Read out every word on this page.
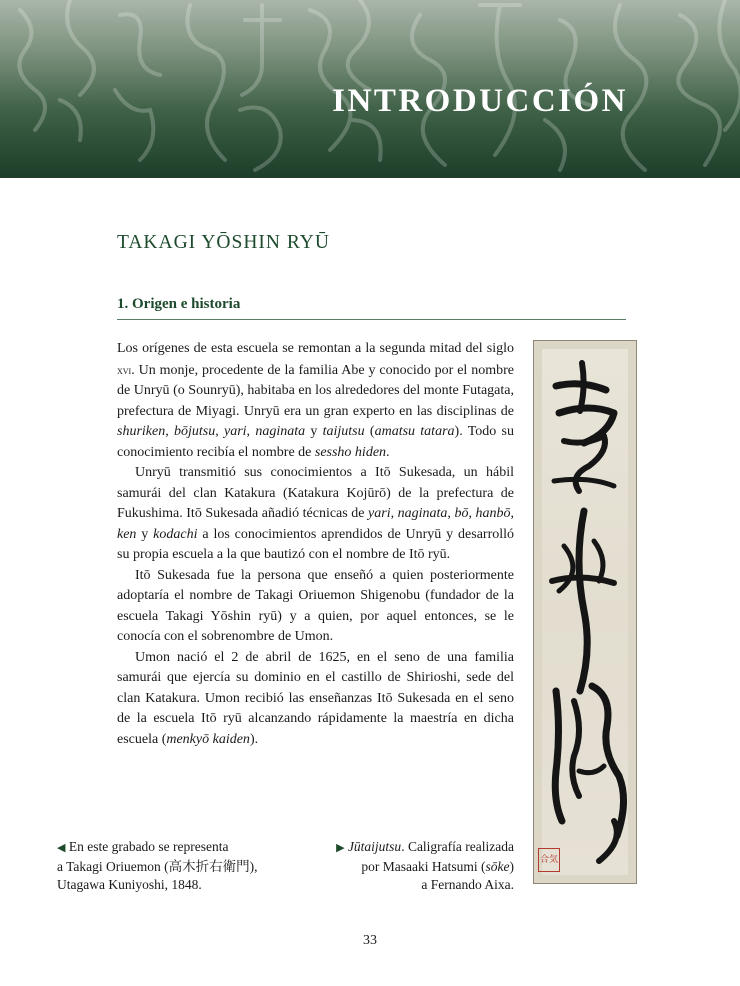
INTRODUCCIÓN
TAKAGI YŌSHIN RYŪ
1. Origen e historia

Los orígenes de esta escuela se remontan a la segunda mitad del siglo xvi. Un monje, procedente de la familia Abe y conocido por el nombre de Unryū (o Sounryū), habitaba en los alrededores del monte Futagata, prefectura de Miyagi. Unryū era un gran experto en las disciplinas de shuriken, bōjutsu, yari, naginata y taijutsu (amatsu tatara). Todo su conocimiento recibía el nombre de sessho hiden.

Unryū transmitió sus conocimientos a Itō Sukesada, un hábil samurái del clan Katakura (Katakura Kojūrō) de la prefectura de Fukushima. Itō Sukesada añadió técnicas de yari, naginata, bō, hanbō, ken y kodachi a los conocimientos aprendidos de Unryū y desarrolló su propia escuela a la que bautizó con el nombre de Itō ryū.

Itō Sukesada fue la persona que enseñó a quien posteriormente adoptaría el nombre de Takagi Oriuemon Shigenobu (fundador de la escuela Takagi Yōshin ryū) y a quien, por aquel entonces, se le conocía con el sobrenombre de Umon.

Umon nació el 2 de abril de 1625, en el seno de una familia samurái que ejercía su dominio en el castillo de Shirioshi, sede del clan Katakura. Umon recibió las enseñanzas Itō Sukesada en el seno de la escuela Itō ryū alcanzando rápidamente la maestría en dicha escuela (menkyō kaiden).

合気
◀ En este grabado se representa
a Takagi Oriuemon (高木折右衛門),
Utagawa Kuniyoshi, 1848.
▶ Jūtaijutsu. Caligrafía realizada
por Masaaki Hatsumi (sōke)
a Fernando Aixa.
33
